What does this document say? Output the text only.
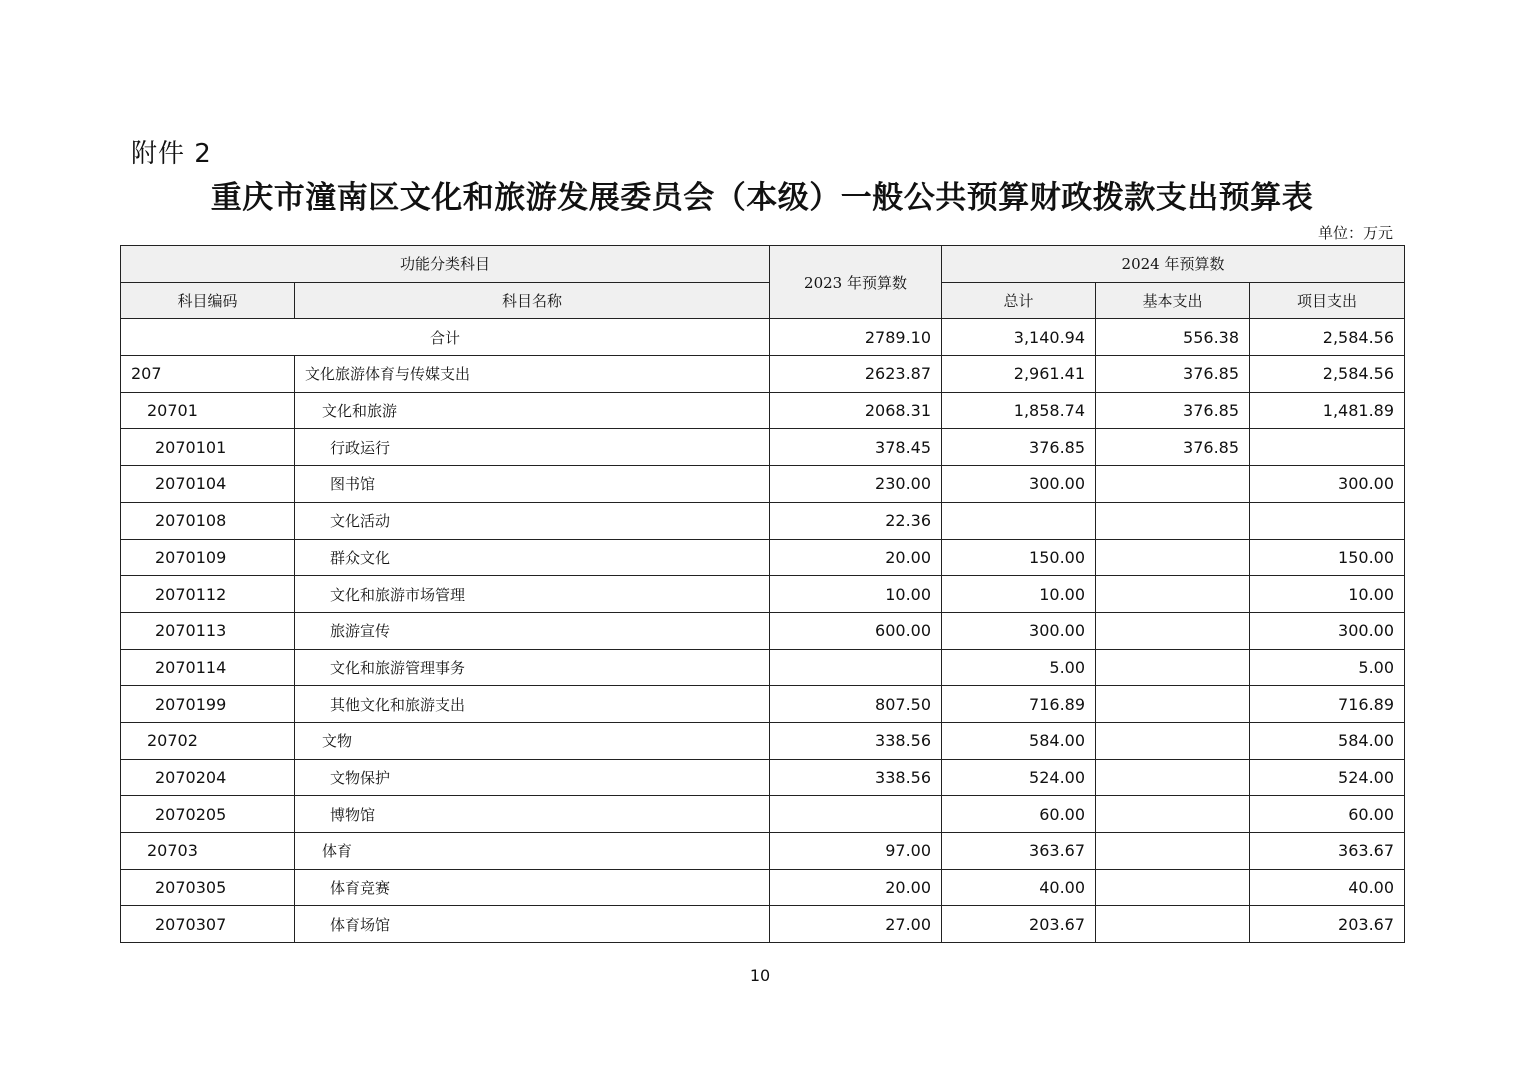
附件 2
重庆市潼南区文化和旅游发展委员会（本级）一般公共预算财政拨款支出预算表
单位：万元
功能分类科目		2023 年预算数	2024 年预算数		
科目编码	科目名称		总计	基本支出	项目支出
合计		2789.10	3,140.94	556.38	2,584.56
207	文化旅游体育与传媒支出	2623.87	2,961.41	376.85	2,584.56
20701	文化和旅游	2068.31	1,858.74	376.85	1,481.89
2070101	行政运行	378.45	376.85	376.85	
2070104	图书馆	230.00	300.00		300.00
2070108	文化活动	22.36			
2070109	群众文化	20.00	150.00		150.00
2070112	文化和旅游市场管理	10.00	10.00		10.00
2070113	旅游宣传	600.00	300.00		300.00
2070114	文化和旅游管理事务		5.00		5.00
2070199	其他文化和旅游支出	807.50	716.89		716.89
20702	文物	338.56	584.00		584.00
2070204	文物保护	338.56	524.00		524.00
2070205	博物馆		60.00		60.00
20703	体育	97.00	363.67		363.67
2070305	体育竞赛	20.00	40.00		40.00
2070307	体育场馆	27.00	203.67		203.67
10
